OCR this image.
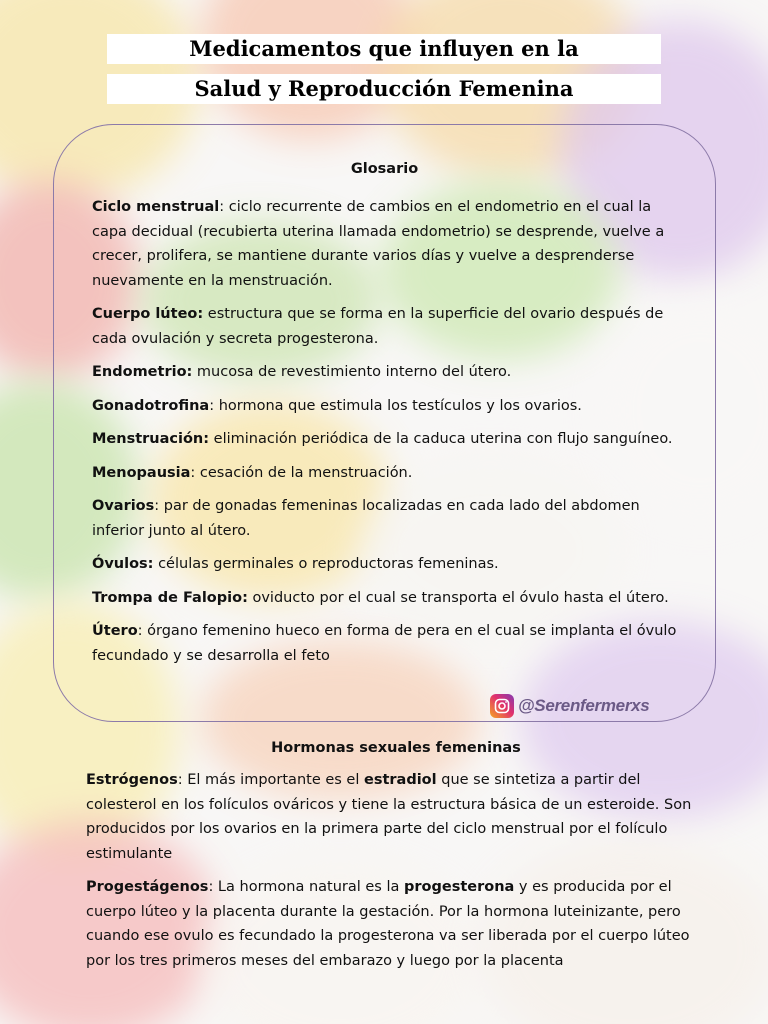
Medicamentos que influyen en la
Salud y Reproducción Femenina
Glosario
Ciclo menstrual: ciclo recurrente de cambios en el endometrio en el cual la capa decidual (recubierta uterina llamada endometrio) se desprende, vuelve a crecer, prolifera, se mantiene durante varios días y vuelve a desprenderse nuevamente en la menstruación.
Cuerpo lúteo: estructura que se forma en la superficie del ovario después de cada ovulación y secreta progesterona.
Endometrio: mucosa de revestimiento interno del útero.
Gonadotrofina: hormona que estimula los testículos y los ovarios.
Menstruación: eliminación periódica de la caduca uterina con flujo sanguíneo.
Menopausia: cesación de la menstruación.
Ovarios: par de gonadas femeninas localizadas en cada lado del abdomen inferior junto al útero.
Óvulos: células germinales o reproductoras femeninas.
Trompa de Falopio: oviducto por el cual se transporta el óvulo hasta el útero.
Útero: órgano femenino hueco en forma de pera en el cual se implanta el óvulo fecundado y se desarrolla el feto
@Serenfermerxs
Hormonas sexuales femeninas
Estrógenos: El más importante es el estradiol que se sintetiza a partir del colesterol en los folículos ováricos y tiene la estructura básica de un esteroide. Son producidos por los ovarios en la primera parte del ciclo menstrual por el folículo estimulante
Progestágenos: La hormona natural es la progesterona y es producida por el cuerpo lúteo y la placenta durante la gestación. Por la hormona luteinizante, pero cuando ese ovulo es fecundado la progesterona va ser liberada por el cuerpo lúteo por los tres primeros meses del embarazo y luego por la placenta
